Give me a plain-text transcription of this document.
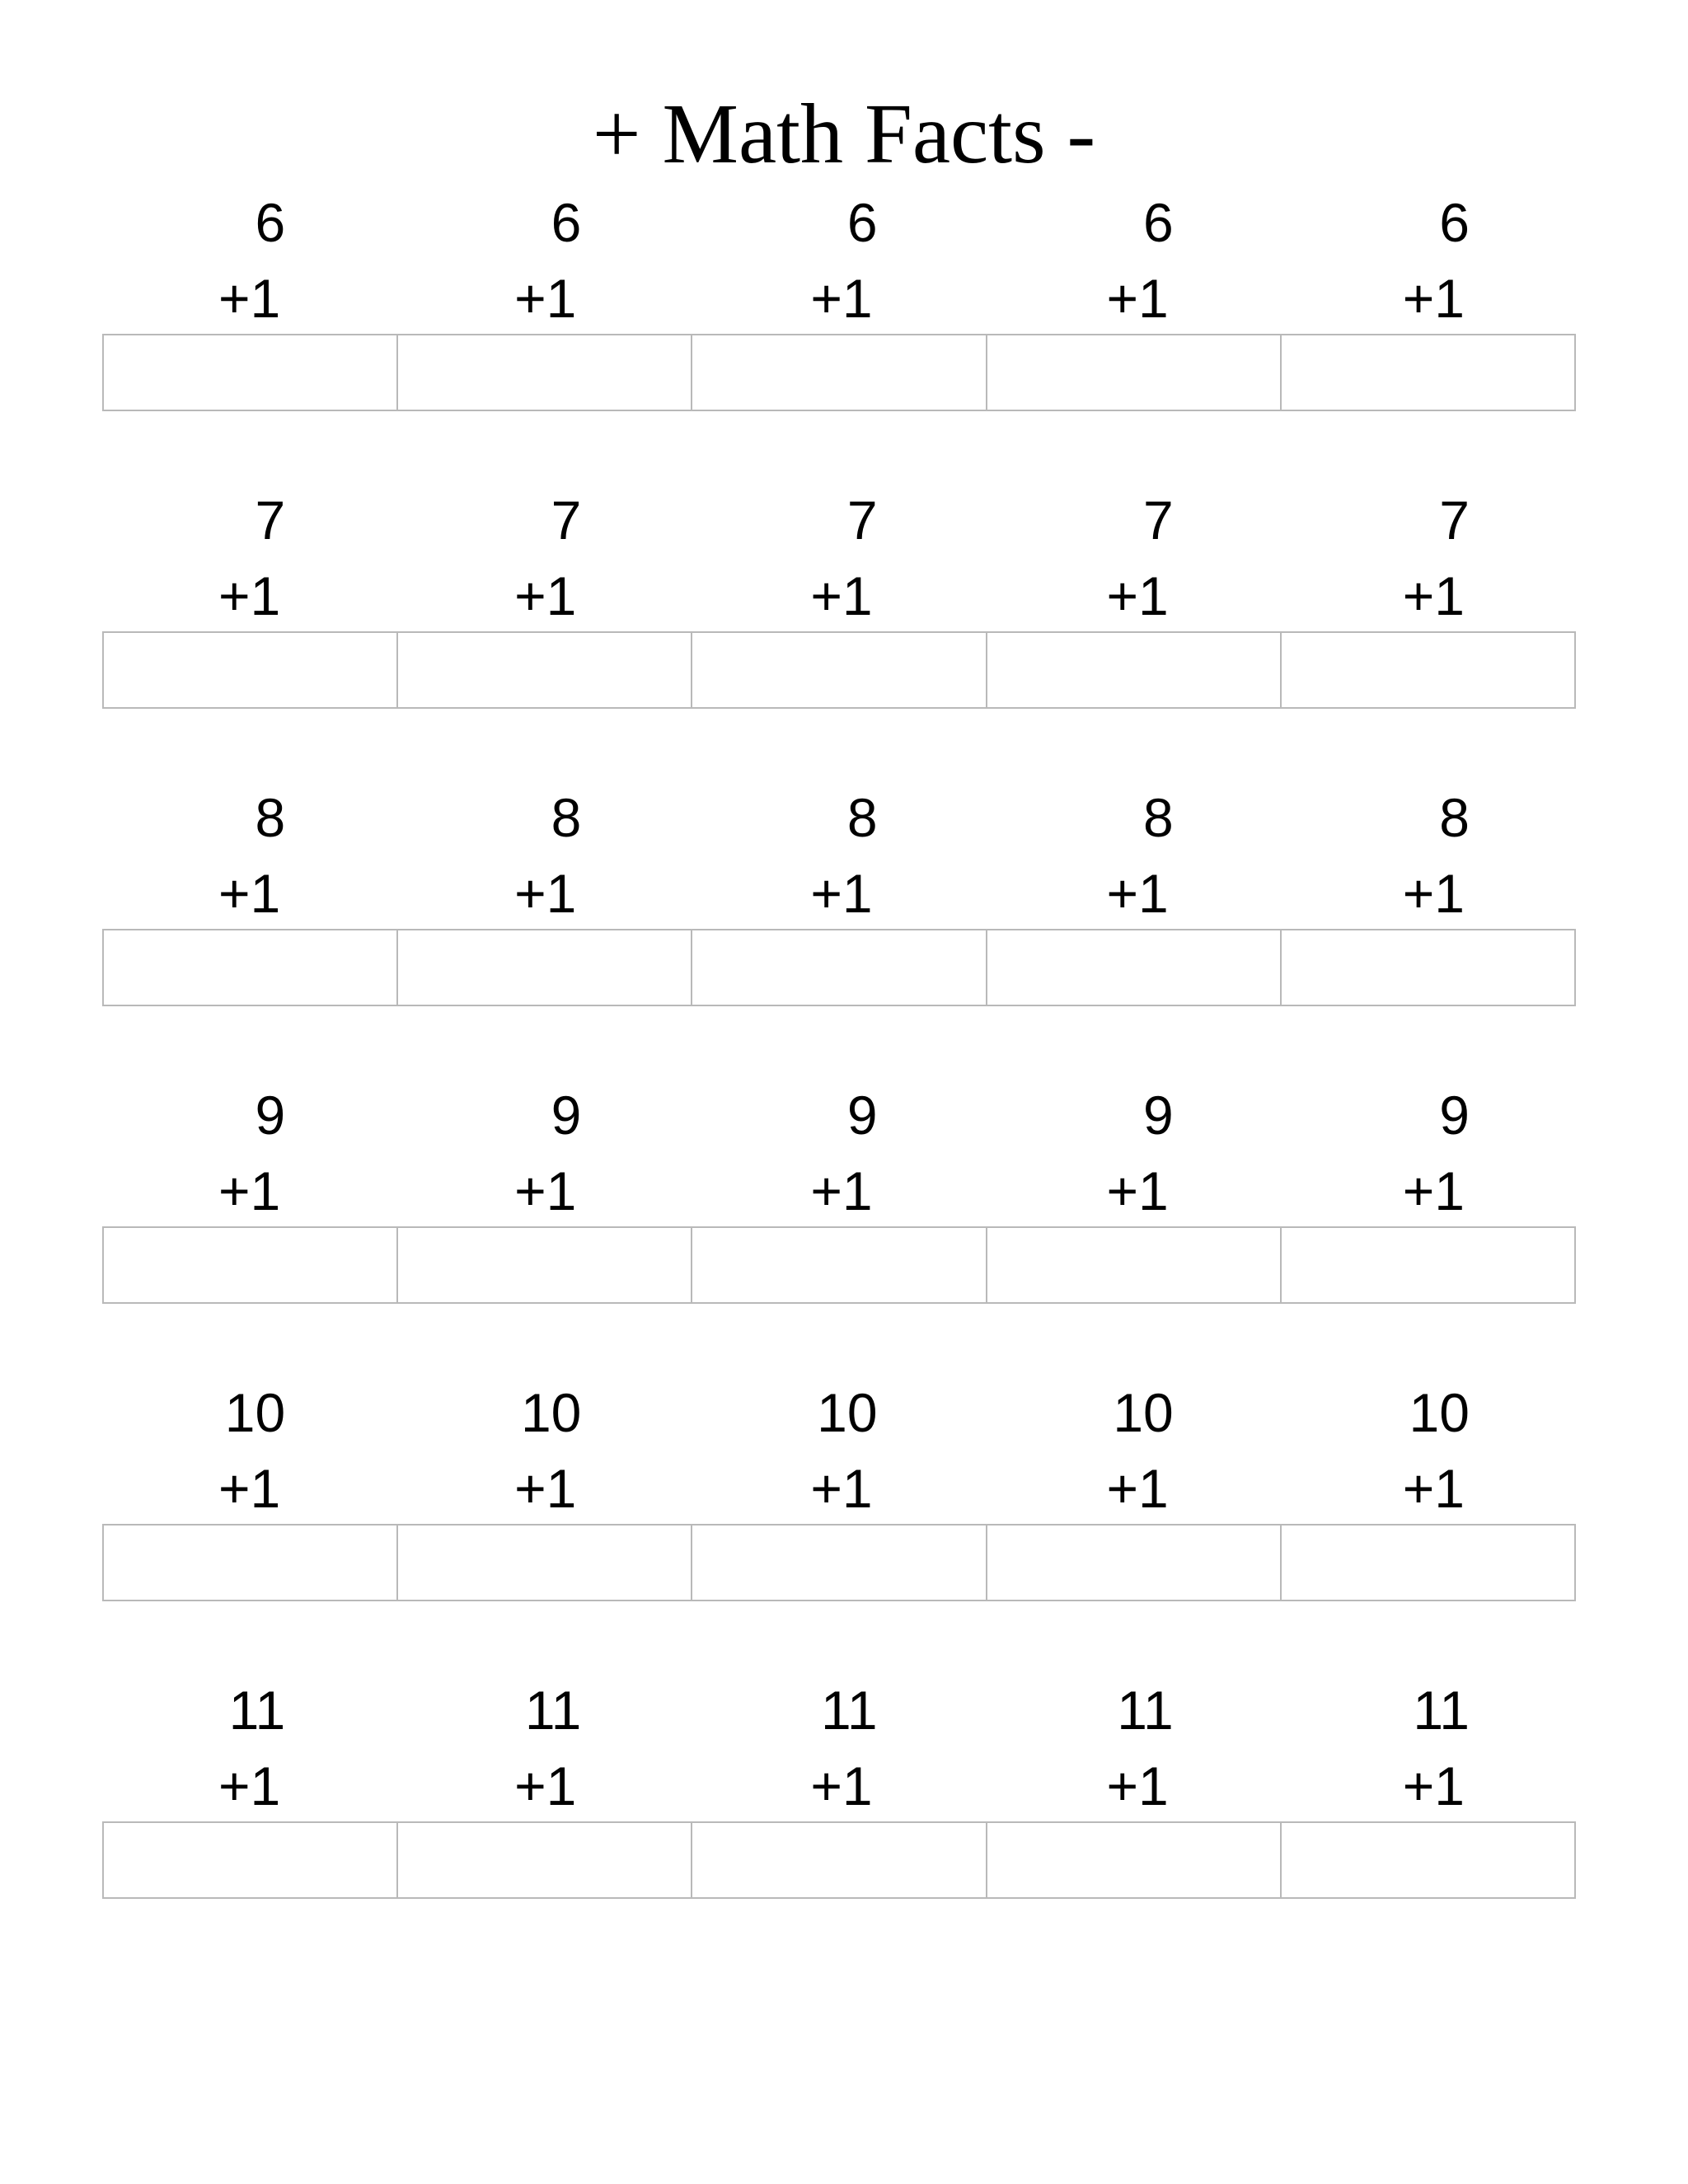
+ Math Facts -
6
+1
6
+1
6
+1
6
+1
6
+1
7
+1
7
+1
7
+1
7
+1
7
+1
8
+1
8
+1
8
+1
8
+1
8
+1
9
+1
9
+1
9
+1
9
+1
9
+1
10
+1
10
+1
10
+1
10
+1
10
+1
11
+1
11
+1
11
+1
11
+1
11
+1
